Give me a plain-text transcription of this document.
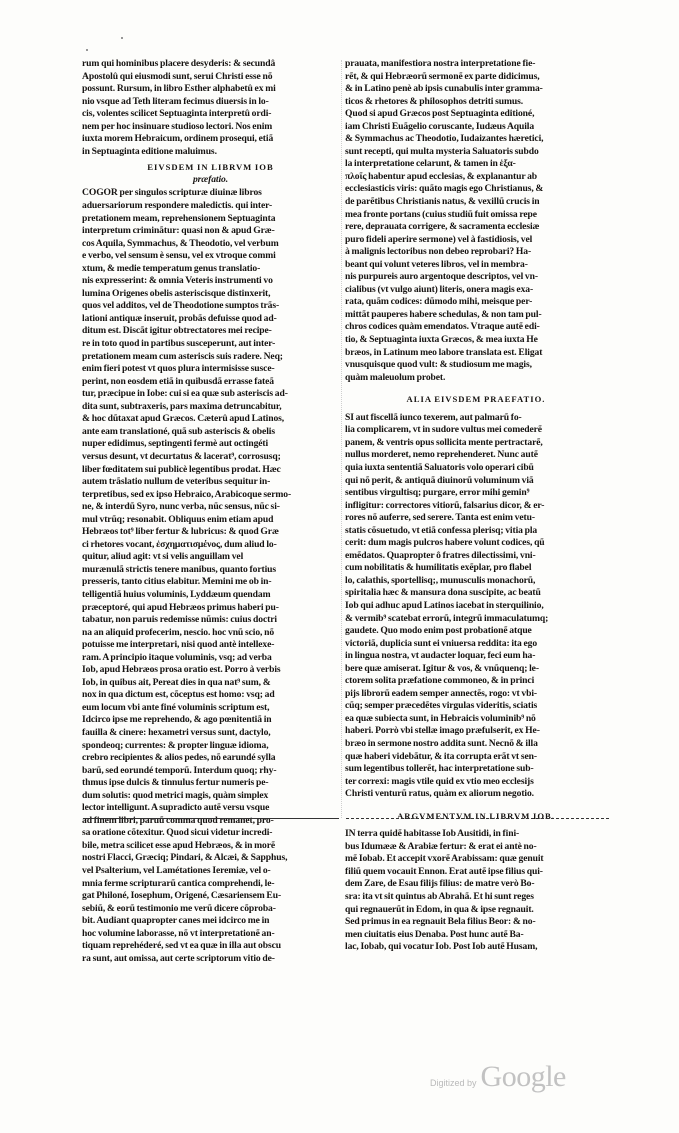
rum qui hominibus placere desyderis: & secundâ
Apostolû qui eiusmodi sunt, serui Christi esse nõ
possunt. Rursum, in libro Esther alphabetû ex mi
nio vsque ad Teth literam fecimus diuersis in lo-
cis, volentes scilicet Septuaginta interpretû ordi-
nem per hoc insinuare studioso lectori. Nos enim
iuxta morem Hebraicum, ordinem prosequi, etiã
in Septuaginta editione maluimus.

EIVSDEM IN LIBRVM IOB
præfatio.

COGOR per singulos scripturæ diuinæ libros
aduersariorum respondere maledictis. qui inter-
pretationem meam, reprehensionem Septuaginta
interpretum criminãtur: quasi non & apud Græ-
cos Aquila, Symmachus, & Theodotio, vel verbum
e verbo, vel sensum è sensu, vel ex vtroque commi
xtum, & medie temperatum genus translatio-
nis expresserint: & omnia Veteris instrumenti vo
lumina Origenes obelis asteriscisque distinxerit,
quos vel additos, vel de Theodotione sumptos trãs-
lationi antiquæ inseruit, probãs defuisse quod ad-
ditum est. Discãt igitur obtrectatores mei recipe-
re in toto quod in partibus susceperunt, aut inter-
pretationem meam cum asteriscis suis radere. Neq;
enim fieri potest vt quos plura intermisisse susce-
perint, non eosdem etiã in quibusdã errasse fateã
tur, præcipue in Iobe: cui si ea quæ sub asteriscis ad-
dita sunt, subtraxeris, pars maxima detruncabitur,
& hoc dũtaxat apud Græcos. Cæterû apud Latinos,
ante eam translationé, quã sub asteriscis & obelis
nuper edidimus, septingenti fermè aut octingéti
versus desunt, vt decurtatus & lacerat⁹, corrosusq;
liber fœditatem sui publicè legentibus prodat. Hæc
autem trãslatio nullum de veteribus sequitur in-
terpretibus, sed ex ipso Hebraico, Arabicoque sermo-
ne, & interdũ Syro, nunc verba, nũc sensus, nũc si-
mul vtrũq; resonabit. Obliquus enim etiam apud
Hebræos tot⁹ liber fertur & lubricus: & quod Græ
ci rhetores vocant, ἐσχηματισμένος, dum aliud lo-
quitur, aliud agit: vt si velis anguillam vel
murænulã strictis tenere manibus, quanto fortius
presseris, tanto citius elabitur. Memini me ob in-
telligentiã huius voluminis, Lyddæum quendam
præceptoré, qui apud Hebræos primus haberi pu-
tabatur, non paruis redemisse nũmis: cuius doctri
na an aliquid profecerim, nescio. hoc vnũ scio, nõ
potuisse me interpretari, nisi quod antè intellexe-
ram. A principio itaque voluminis, vsq; ad verba
Iob, apud Hebræos prosa oratio est. Porro à verbis
Iob, in quibus ait, Pereat dies in qua nat⁹ sum, &
nox in qua dictum est, cõceptus est homo: vsq; ad
eum locum vbi ante finé voluminis scriptum est,
Idcirco ipse me reprehendo, & ago pœnitentiã in
fauilla & cinere: hexametri versus sunt, dactylo,
spondeoq; currentes: & propter linguæ idioma,
crebro recipientes & alios pedes, nõ earundé sylla
barũ, sed eorundé temporũ. Interdum quoq; rhy-
thmus ipse dulcis & tinnulus fertur numeris pe-
dum solutis: quod metrici magis, quàm simplex
lector intelligunt. A supradicto autẽ versu vsque
ad finem libri, paruũ comma quod remanet, pro-
sa oratione cõtexitur. Quod sicui videtur incredi-
bile, metra scilicet esse apud Hebræos, & in morẽ
nostri Flacci, Græciq; Pindari, & Alcæi, & Sapphus,
vel Psalterium, vel Lamétationes Ieremiæ, vel o-
mnia ferme scripturarũ cantica comprehendi, le-
gat Philoné, Iosephum, Origené, Cæsariensem Eu-
sebiũ, & eorũ testimonio me verũ dicere cõproba-
bit. Audiant quapropter canes mei idcirco me in
hoc volumine laborasse, nõ vt interpretationẽ an-
tiquam reprehéderé, sed vt ea quæ in illa aut obscu
ra sunt, aut omissa, aut certe scriptorum vitio de-

prauata, manifestiora nostra interpretatione fie-
rẽt, & qui Hebræorũ sermonẽ ex parte didicimus,
& in Latino penè ab ipsis cunabulis inter gramma-
ticos & rhetores & philosophos detriti sumus.
Quod si apud Græcos post Septuaginta editioné,
iam Christi Euãgelio coruscante, Iudæus Aquila
& Symmachus ac Theodotio, Iudaizantes hæretici,
sunt recepti, qui multa mysteria Saluatoris subdo
la interpretatione celarunt, & tamen in ἑξα-
πλοῖς habentur apud ecclesias, & explanantur ab
ecclesiasticis viris: quãto magis ego Christianus, &
de parẽtibus Christianis natus, & vexillũ crucis in
mea fronte portans (cuius studiũ fuit omissa repe
rere, deprauata corrigere, & sacramenta ecclesiæ
puro fideli aperire sermone) vel à fastidiosis, vel
à malignis lectoribus non debeo reprobari? Ha-
beant qui volunt veteres libros, vel in membra-
nis purpureis auro argentoque descriptos, vel vn-
cialibus (vt vulgo aiunt) literis, onera magis exa-
rata, quãm codices: dũmodo mihi, meisque per-
mittãt pauperes habere schedulas, & non tam pul-
chros codices quàm emendatos. Vtraque autẽ edi-
tio, & Septuaginta iuxta Græcos, & mea iuxta He
bræos, in Latinum meo labore translata est. Eligat
vnusquisque quod vult: & studiosum me magis,
quàm maleuolum probet.

ALIA EIVSDEM PRAEFATIO.

SI aut fiscellã iunco texerem, aut palmarũ fo-
lia complicarem, vt in sudore vultus mei comederẽ
panem, & ventris opus sollicita mente pertractarẽ,
nullus morderet, nemo reprehenderet. Nunc autẽ
quia iuxta sententiã Saluatoris volo operari cibũ
qui nõ perit, & antiquã diuinorũ voluminum viã
sentibus virgultisq; purgare, error mihi gemin⁹
infligitur: correctores vitiorũ, falsarius dicor, & er-
rores nõ auferre, sed serere. Tanta est enim vetu-
statis cõsuetudo, vt etiã confessa plerisq; vitia pla
cerit: dum magis pulcros habere volunt codices, qũ
emẽdatos. Quapropter ô fratres dilectissimi, vni-
cum nobilitatis & humilitatis exẽplar, pro flabel
lo, calathis, sportellisq;, munusculis monachorũ,
spiritalia hæc & mansura dona suscipite, ac beatũ
Iob qui adhuc apud Latinos iacebat in sterquilinio,
& vermib⁹ scatebat errorũ, integrũ immaculatumq;
gaudete. Quo modo enim post probationẽ atque
victoriã, duplicia sunt ei vniuersa reddita: ita ego
in lingua nostra, vt audacter loquar, feci eum ha-
bere quæ amiserat. Igitur & vos, & vnũquenq; le-
ctorem solita præfatione commoneo, & in princi
pijs librorũ eadem semper annectẽs, rogo: vt vbi-
cũq; semper præcedẽtes virgulas videritis, sciatis
ea quæ subiecta sunt, in Hebraicis voluminib⁹ nõ
haberi. Porrò vbi stellæ imago præfulserit, ex He-
bræo in sermone nostro addita sunt. Necnõ & illa
quæ haberi videbãtur, & ita corrupta erãt vt sen-
sum legentibus tollerẽt, hac interpretatione sub-
ter correxi: magis vtile quid ex vtio meo ecclesijs
Christi venturũ ratus, quàm ex aliorum negotio.

ARGVMENTVM IN LIBRVM IOB.

IN terra quidẽ habitasse Iob Ausitidi, in fini-
bus Idumææ & Arabiæ fertur: & erat ei antè no-
mẽ Iobab. Et accepit vxorẽ Arabissam: quæ genuit
filiũ quem vocauit Ennon. Erat autẽ ipse filius qui-
dem Zare, de Esau filijs filius: de matre verò Bo-
sra: ita vt sit quintus ab Abrahã. Et hi sunt reges
qui regnauerũt in Edom, in qua & ipse regnauit.
Sed primus in ea regnauit Bela filius Beor: & no-
men ciuitatis eius Denaba. Post hunc autẽ Ba-
lac, Iobab, qui vocatur Iob. Post Iob autẽ Husam,

Digitized by Google
